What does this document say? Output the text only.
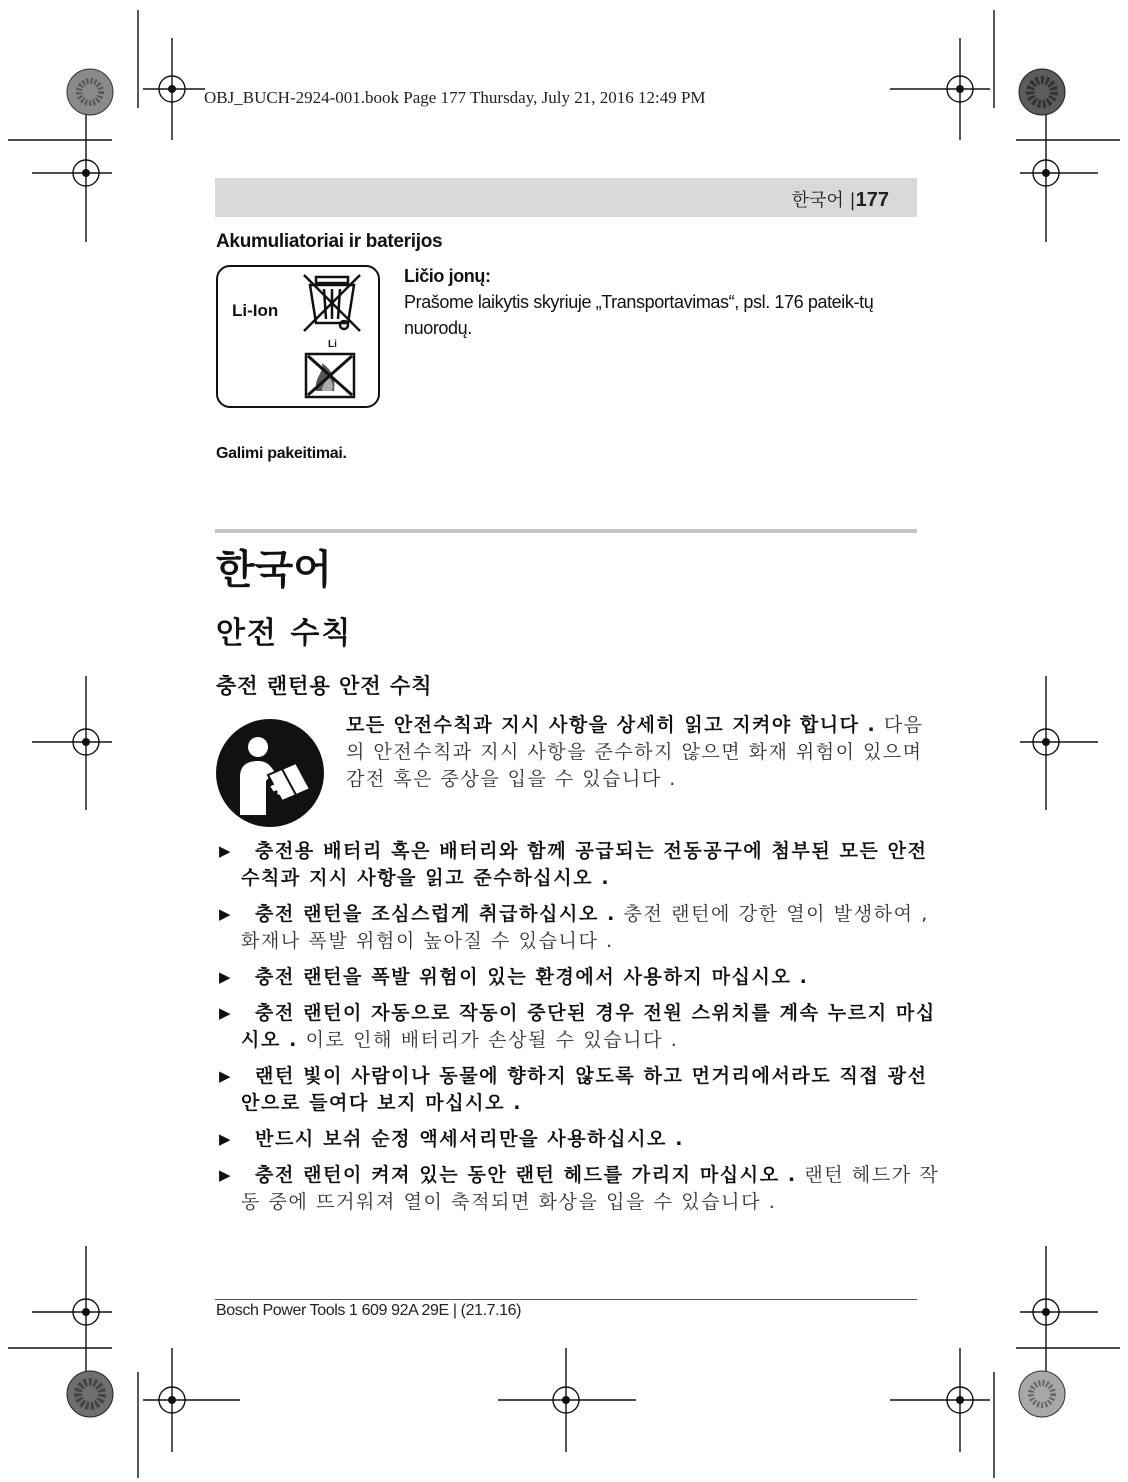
OBJ_BUCH-2924-001.book Page 177 Thursday, July 21, 2016 12:49 PM
한국어 |177
Akumuliatoriai ir baterijos
Li-Ion
Li
Ličio jonų:
Prašome laikytis skyriuje „Transportavimas“, psl. 176 pateik-tų nuorodų.
Galimi pakeitimai.
한국어
안전 수칙
충전 랜턴용 안전 수칙
모든 안전수칙과 지시 사항을 상세히 읽고 지켜야 합니다 . 다음의 안전수칙과 지시 사항을 준수하지 않으면 화재 위험이 있으며 감전 혹은 중상을 입을 수 있습니다 .
▶ 충전용 배터리 혹은 배터리와 함께 공급되는 전동공구에 첨부된 모든 안전 수칙과 지시 사항을 읽고 준수하십시오 .
▶ 충전 랜턴을 조심스럽게 취급하십시오 . 충전 랜턴에 강한 열이 발생하여 , 화재나 폭발 위험이 높아질 수 있습니다 .
▶ 충전 랜턴을 폭발 위험이 있는 환경에서 사용하지 마십시오 .
▶ 충전 랜턴이 자동으로 작동이 중단된 경우 전원 스위치를 계속 누르지 마십시오 . 이로 인해 배터리가 손상될 수 있습니다 .
▶ 랜턴 빛이 사람이나 동물에 향하지 않도록 하고 먼거리에서라도 직접 광선 안으로 들여다 보지 마십시오 .
▶ 반드시 보쉬 순정 액세서리만을 사용하십시오 .
▶ 충전 랜턴이 켜져 있는 동안 랜턴 헤드를 가리지 마십시오 . 랜턴 헤드가 작동 중에 뜨거워져 열이 축적되면 화상을 입을 수 있습니다 .
Bosch Power Tools 1 609 92A 29E | (21.7.16)
